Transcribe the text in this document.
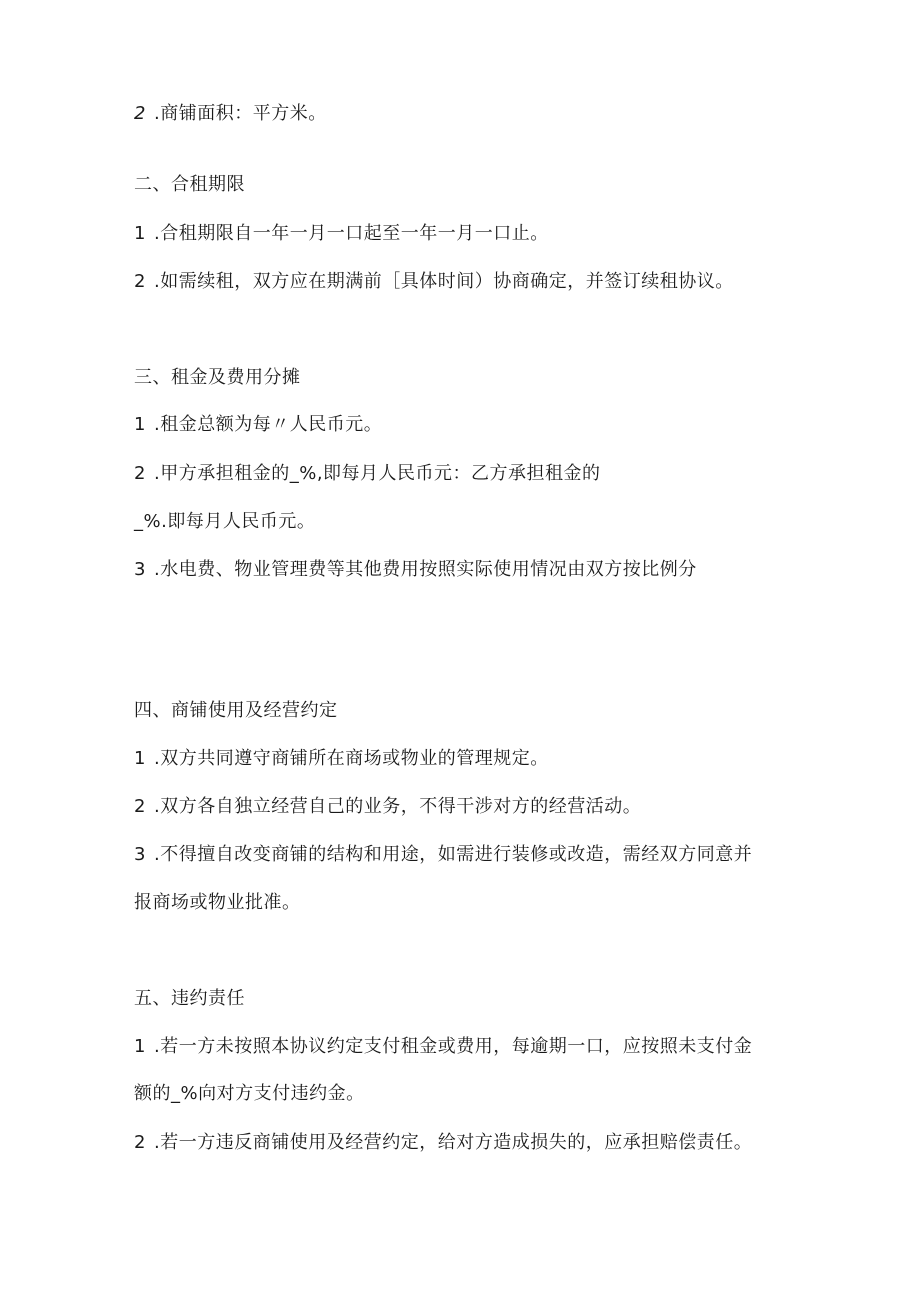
2 .商铺面积：平方米。
二、合租期限
1 .合租期限自一年一月一口起至一年一月一口止。
2 .如需续租，双方应在期满前［具体时间）协商确定，并签订续租协议。
三、租金及费用分摊
1 .租金总额为每〃人民币元。
2 .甲方承担租金的_%,即每月人民币元：乙方承担租金的
_%.即每月人民币元。
3 .水电费、物业管理费等其他费用按照实际使用情况由双方按比例分
四、商铺使用及经营约定
1 .双方共同遵守商铺所在商场或物业的管理规定。
2 .双方各自独立经营自己的业务，不得干涉对方的经营活动。
3 .不得擅自改变商铺的结构和用途，如需进行装修或改造，需经双方同意并
报商场或物业批准。
五、违约责任
1 .若一方未按照本协议约定支付租金或费用，每逾期一口，应按照未支付金
额的_%向对方支付违约金。
2 .若一方违反商铺使用及经营约定，给对方造成损失的，应承担赔偿责任。
